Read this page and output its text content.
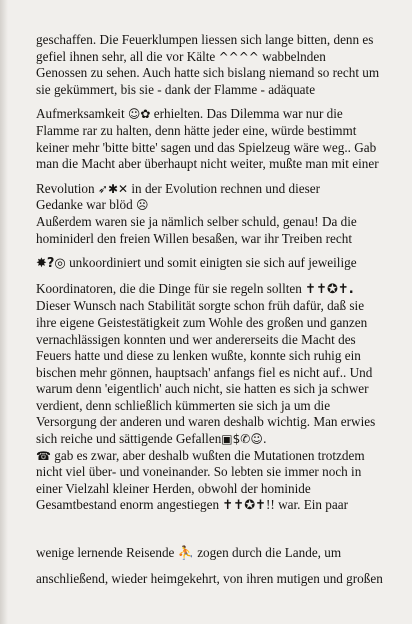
geschaffen. Die Feuerklumpen liessen sich lange bitten, denn es

gefiel ihnen sehr, all die vor Kälte ^^^^ wabbelnden

Genossen zu sehen. Auch hatte sich bislang niemand so recht um

sie gekümmert, bis sie - dank der Flamme - adäquate

Aufmerksamkeit ☺✿ erhielten. Das Dilemma war nur die

Flamme rar zu halten, denn hätte jeder eine, würde bestimmt

keiner mehr 'bitte bitte' sagen und das Spielzeug wäre weg.. Gab

man die Macht aber überhaupt nicht weiter, mußte man mit einer

Revolution ➶✱✕ in der Evolution rechnen und dieser

Gedanke war blöd ☹

Außerdem waren sie ja nämlich selber schuld, genau! Da die

hominiderl den freien Willen besaßen, war ihr Treiben recht

✸?◎ unkoordiniert und somit einigten sie sich auf jeweilige

Koordinatoren, die die Dinge für sie regeln sollten ✝✝✪✝.

Dieser Wunsch nach Stabilität sorgte schon früh dafür, daß sie

ihre eigene Geistestätigkeit zum Wohle des großen und ganzen

vernachlässigen konnten und wer andererseits die Macht des

Feuers hatte und diese zu lenken wußte, konnte sich ruhig ein

bischen mehr gönnen, hauptsach' anfangs fiel es nicht auf.. Und

warum denn 'eigentlich' auch nicht, sie hatten es sich ja schwer

verdient, denn schließlich kümmerten sie sich ja um die

Versorgung der anderen und waren deshalb wichtig. Man erwies

sich reiche und sättigende Gefallen▣$✆☺.

☎ gab es zwar, aber deshalb wußten die Mutationen trotzdem

nicht viel über- und voneinander. So lebten sie immer noch in

einer Vielzahl kleiner Herden, obwohl der hominide

Gesamtbestand enorm angestiegen ✝✝✪✝!! war. Ein paar

wenige lernende Reisende ⛹ zogen durch die Lande, um

anschließend, wieder heimgekehrt, von ihren mutigen und großen
